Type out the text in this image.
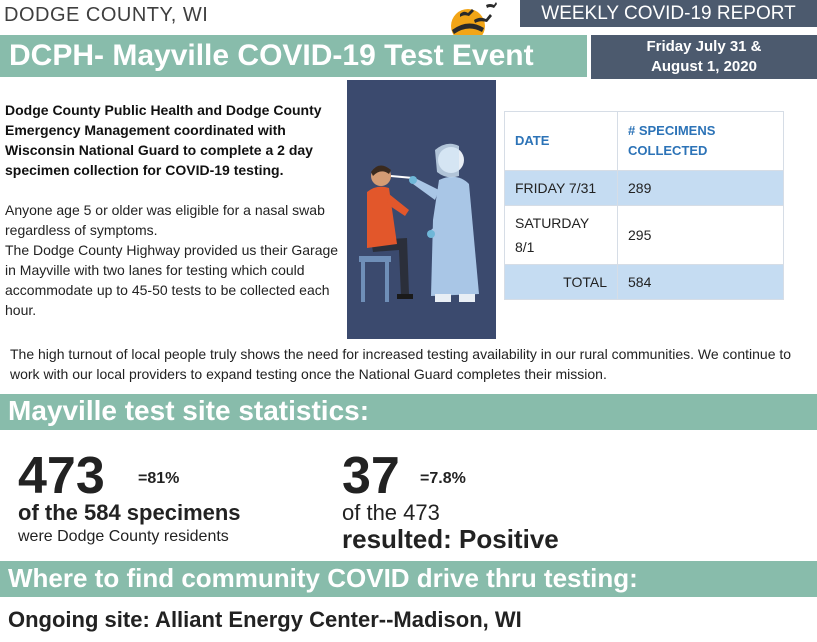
DODGE COUNTY, WI	WEEKLY COVID-19 REPORT
DCPH- Mayville COVID-19 Test Event	Friday July 31 &
August 1, 2020
Dodge County Public Health and Dodge County Emergency Management coordinated with Wisconsin National Guard to complete a 2 day specimen collection for COVID-19 testing.
Anyone age 5 or older was eligible for a nasal swab regardless of symptoms.
The Dodge County Highway provided us their Garage in Mayville with two lanes for testing which could accommodate up to 45-50 tests to be collected each hour.
DATE	# SPECIMENS COLLECTED
FRIDAY 7/31	289
SATURDAY 8/1	295
TOTAL	584
The high turnout of local people truly shows the need for increased testing availability in our rural communities. We continue to work with our local providers to expand testing once the National Guard completes their mission.
Mayville test site statistics:
473 =81%
of the 584 specimens
were Dodge County residents
37 =7.8%
of the 473
resulted: Positive
Where to find community COVID drive thru testing:
Ongoing site: Alliant Energy Center--Madison, WI
